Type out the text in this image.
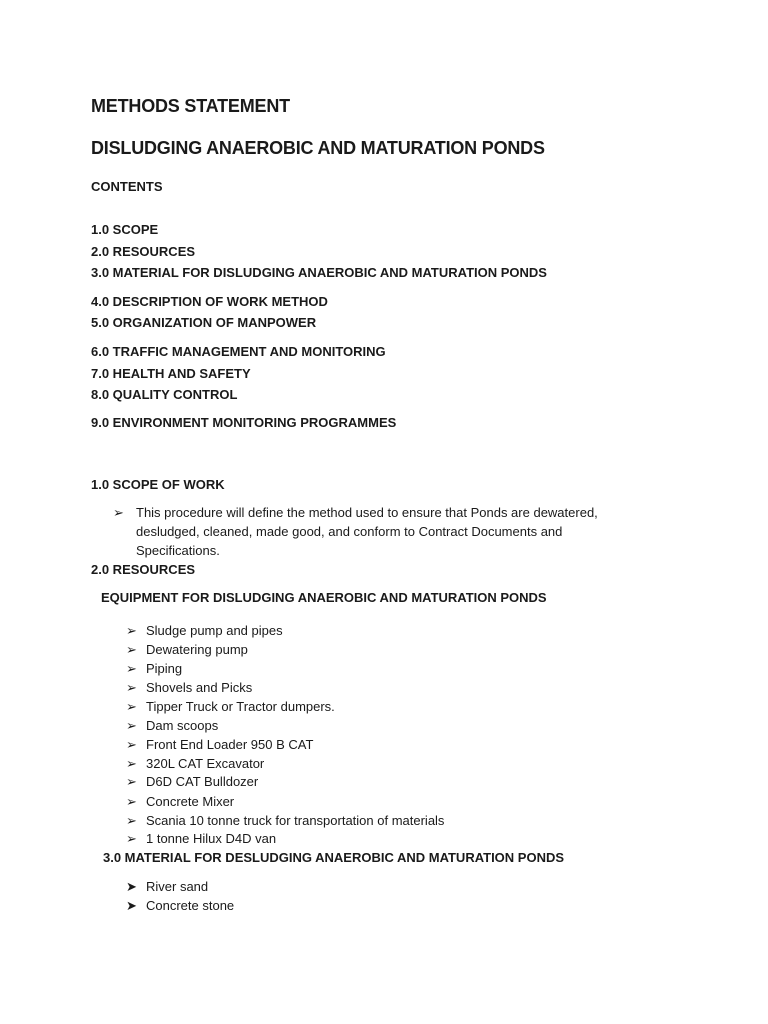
METHODS STATEMENT
DISLUDGING ANAEROBIC AND MATURATION PONDS
CONTENTS
1.0 SCOPE
2.0 RESOURCES
3.0 MATERIAL FOR DISLUDGING ANAEROBIC AND MATURATION PONDS
4.0 DESCRIPTION OF WORK METHOD
5.0 ORGANIZATION OF MANPOWER
6.0 TRAFFIC MANAGEMENT AND MONITORING
7.0 HEALTH AND SAFETY
8.0 QUALITY CONTROL
9.0 ENVIRONMENT MONITORING PROGRAMMES
1.0 SCOPE OF WORK
➢ This procedure will define the method used to ensure that Ponds are dewatered, desludged, cleaned, made good, and conform to Contract Documents and Specifications.
2.0 RESOURCES
EQUIPMENT FOR DISLUDGING ANAEROBIC AND MATURATION PONDS
➢ Sludge pump and pipes
➢ Dewatering pump
➢ Piping
➢ Shovels and Picks
➢ Tipper Truck or Tractor dumpers.
➢ Dam scoops
➢ Front End Loader 950 B CAT
➢ 320L CAT Excavator
➢ D6D CAT Bulldozer
➢ Concrete Mixer
➢ Scania 10 tonne truck for transportation of materials
➢ 1 tonne Hilux D4D van
3.0 MATERIAL FOR DESLUDGING ANAEROBIC AND MATURATION PONDS
➤ River sand
➤ Concrete stone
